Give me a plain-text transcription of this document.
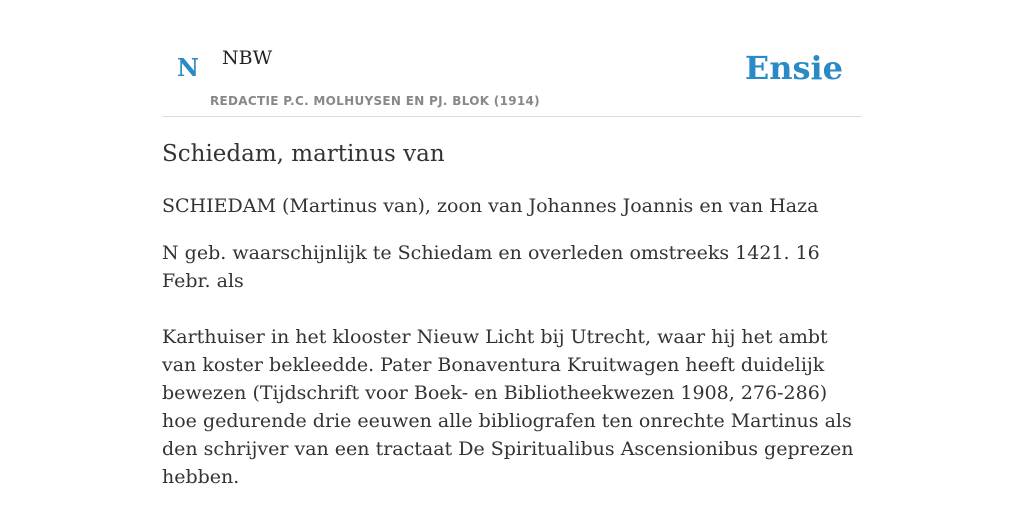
N NBW
REDACTIE P.C. MOLHUYSEN EN PJ. BLOK (1914)
Ensie
Schiedam, martinus van

SCHIEDAM (Martinus van), zoon van Johannes Joannis en van Haza

N geb. waarschijnlijk te Schiedam en overleden omstreeks 1421. 16 Febr. als

Karthuiser in het klooster Nieuw Licht bij Utrecht, waar hij het ambt van koster bekleedde. Pater Bonaventura Kruitwagen heeft duidelijk bewezen (Tijdschrift voor Boek- en Bibliotheekwezen 1908, 276-286) hoe gedurende drie eeuwen alle bibliografen ten onrechte Martinus als den schrijver van een tractaat De Spiritualibus Ascensionibus geprezen hebben.
